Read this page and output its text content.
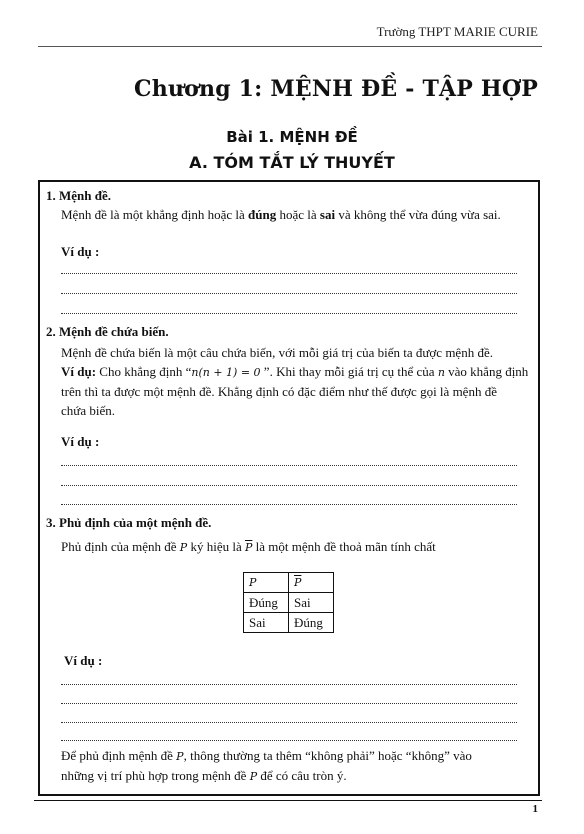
Trường THPT MARIE CURIE
Chương 1: MỆNH ĐỀ - TẬP HỢP
Bài 1. MỆNH ĐỀ
A. TÓM TẮT LÝ THUYẾT
1. Mệnh đề.
Mệnh đề là một khẳng định hoặc là đúng hoặc là sai và không thể vừa đúng vừa sai.
Ví dụ :
2. Mệnh đề chứa biến.
Mệnh đề chứa biến là một câu chứa biến, với mỗi giá trị của biến ta được mệnh đề.
Ví dụ: Cho khẳng định “n(n + 1) = 0 ”. Khi thay mỗi giá trị cụ thể của n vào khẳng định
trên thì ta được một mệnh đề. Khẳng định có đặc điểm như thế được gọi là mệnh đề
chứa biến.
Ví dụ :
3. Phủ định của một mệnh đề.
Phủ định của mệnh đề P ký hiệu là $\overline{P}$ là một mệnh đề thoả mãn tính chất
P	$\overline{P}$
Đúng	Sai
Sai	Đúng
Ví dụ :
Để phủ định mệnh đề P, thông thường ta thêm “không phải” hoặc “không” vào
những vị trí phù hợp trong mệnh đề P để có câu tròn ý.
1
